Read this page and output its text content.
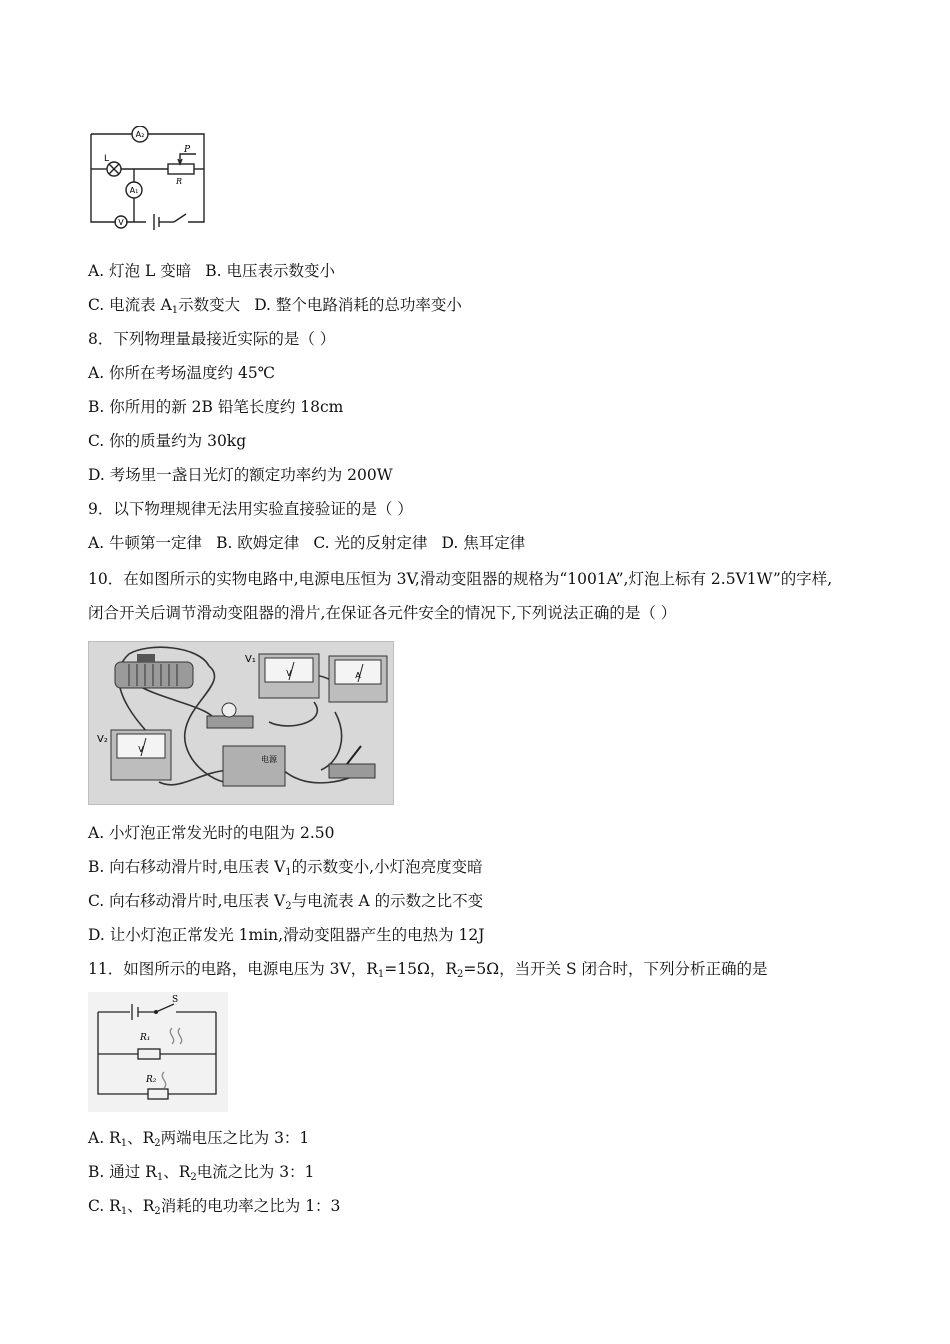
A₂
A₁
V
L
P
R
A. 灯泡 L 变暗 B. 电压表示数变小
C. 电流表 $A_1$示数变大 D. 整个电路消耗的总功率变小
8．下列物理量最接近实际的是（ ）
A. 你所在考场温度约 45℃
B. 你所用的新 2B 铅笔长度约 18cm
C. 你的质量约为 30kg
D. 考场里一盏日光灯的额定功率约为 200W
9．以下物理规律无法用实验直接验证的是（ ）
A. 牛顿第一定律 B. 欧姆定律 C. 光的反射定律 D. 焦耳定律
10．在如图所示的实物电路中,电源电压恒为 3V,滑动变阻器的规格为“1001A”,灯泡上标有 2.5V1W”的字样,
闭合开关后调节滑动变阻器的滑片,在保证各元件安全的情况下,下列说法正确的是（ ）
V
V₁
A
V
V₂
电源
A. 小灯泡正常发光时的电阻为 2.50
B. 向右移动滑片时,电压表 $V_1$的示数变小,小灯泡亮度变暗
C. 向右移动滑片时,电压表 $V_2$与电流表 A 的示数之比不变
D. 让小灯泡正常发光 1min,滑动变阻器产生的电热为 12J
11．如图所示的电路，电源电压为 3V，$R_1=15\Omega$，$R_2=5\Omega$，当开关 S 闭合时，下列分析正确的是
S
R₁
R₂
A. $R_1$、$R_2$两端电压之比为 3：1
B. 通过 $R_1$、$R_2$电流之比为 3：1
C. $R_1$、$R_2$消耗的电功率之比为 1：3
